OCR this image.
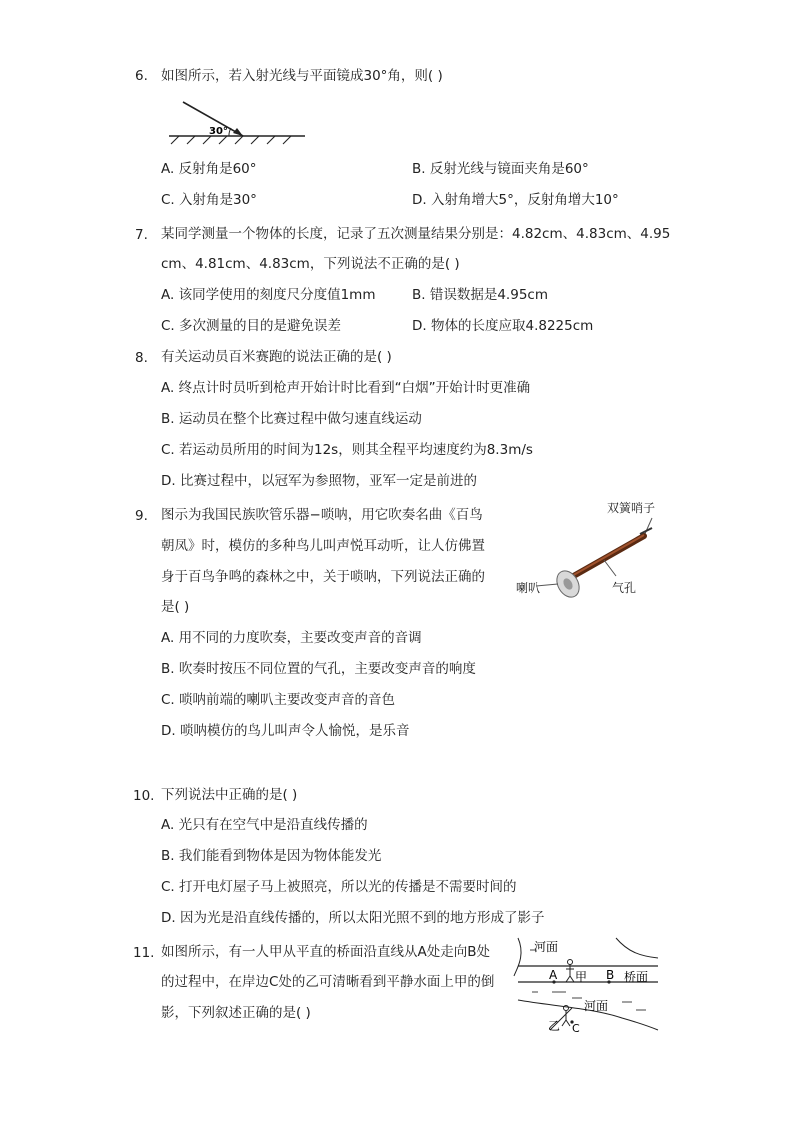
6. 如图所示，若入射光线与平面镜成30°角，则( )
30°
A. 反射角是60°	B. 反射光线与镜面夹角是60°
C. 入射角是30°	D. 入射角增大5°，反射角增大10°
7. 某同学测量一个物体的长度，记录了五次测量结果分别是：4.82cm、4.83cm、4.95
cm、4.81cm、4.83cm，下列说法不正确的是( )
A. 该同学使用的刻度尺分度值1mm	B. 错误数据是4.95cm
C. 多次测量的目的是避免误差	D. 物体的长度应取4.8225cm
8. 有关运动员百米赛跑的说法正确的是( )
A. 终点计时员听到枪声开始计时比看到“白烟”开始计时更准确
B. 运动员在整个比赛过程中做匀速直线运动
C. 若运动员所用的时间为12s，则其全程平均速度约为8.3m/s
D. 比赛过程中，以冠军为参照物，亚军一定是前进的
9. 图示为我国民族吹管乐器−唢呐，用它吹奏名曲《百鸟
朝凤》时，模仿的多种鸟儿叫声悦耳动听，让人仿佛置
身于百鸟争鸣的森林之中，关于唢呐，下列说法正确的
是( )
双簧哨子
喇叭	气孔
A. 用不同的力度吹奏，主要改变声音的音调
B. 吹奏时按压不同位置的气孔，主要改变声音的响度
C. 唢呐前端的喇叭主要改变声音的音色
D. 唢呐模仿的鸟儿叫声令人愉悦，是乐音
10. 下列说法中正确的是( )
A. 光只有在空气中是沿直线传播的
B. 我们能看到物体是因为物体能发光
C. 打开电灯屋子马上被照亮，所以光的传播是不需要时间的
D. 因为光是沿直线传播的，所以太阳光照不到的地方形成了影子
11. 如图所示，有一人甲从平直的桥面沿直线从A处走向B处
的过程中，在岸边C处的乙可清晰看到平静水面上甲的倒
影，下列叙述正确的是( )
河面
A 甲 B 桥面
河面
乙 C
